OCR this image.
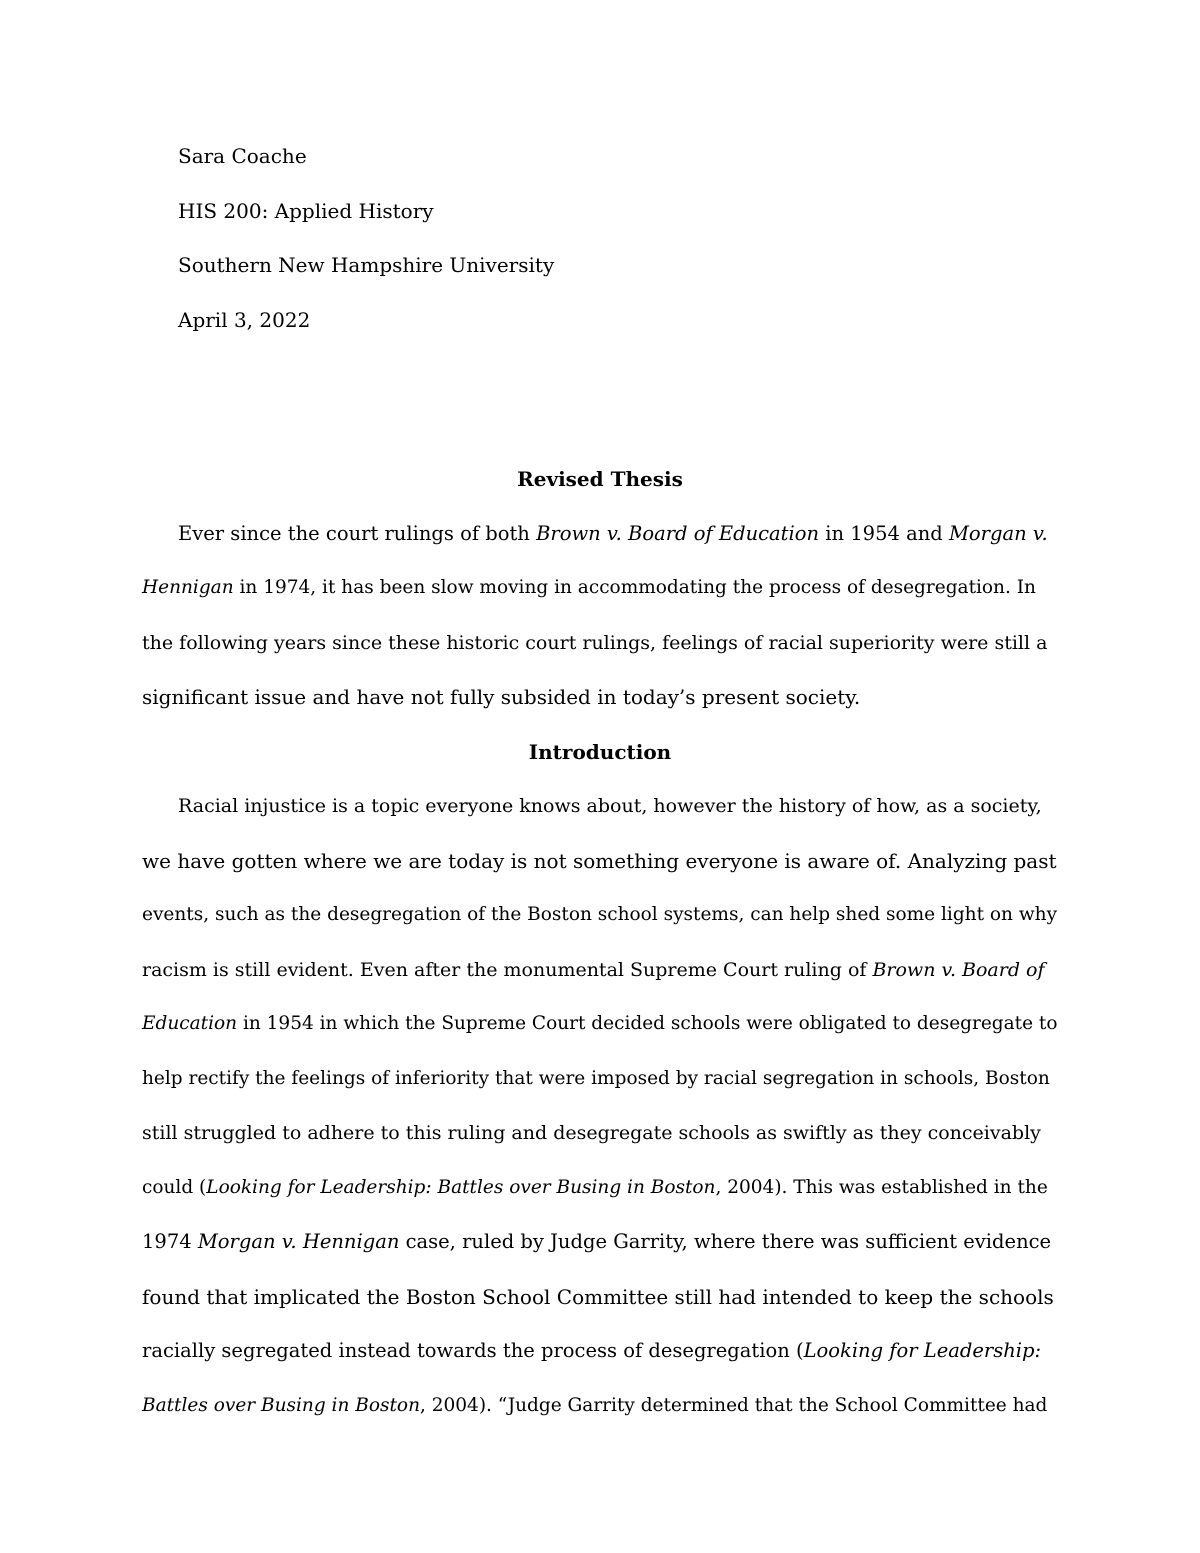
Sara Coache
HIS 200: Applied History
Southern New Hampshire University
April 3, 2022
Revised Thesis
Ever since the court rulings of both Brown v. Board of Education in 1954 and Morgan v.
Hennigan in 1974, it has been slow moving in accommodating the process of desegregation. In
the following years since these historic court rulings, feelings of racial superiority were still a
significant issue and have not fully subsided in today’s present society.
Introduction
Racial injustice is a topic everyone knows about, however the history of how, as a society,
we have gotten where we are today is not something everyone is aware of. Analyzing past
events, such as the desegregation of the Boston school systems, can help shed some light on why
racism is still evident. Even after the monumental Supreme Court ruling of Brown v. Board of
Education in 1954 in which the Supreme Court decided schools were obligated to desegregate to
help rectify the feelings of inferiority that were imposed by racial segregation in schools, Boston
still struggled to adhere to this ruling and desegregate schools as swiftly as they conceivably
could (Looking for Leadership: Battles over Busing in Boston, 2004). This was established in the
1974 Morgan v. Hennigan case, ruled by Judge Garrity, where there was sufficient evidence
found that implicated the Boston School Committee still had intended to keep the schools
racially segregated instead towards the process of desegregation (Looking for Leadership:
Battles over Busing in Boston, 2004). “Judge Garrity determined that the School Committee had
